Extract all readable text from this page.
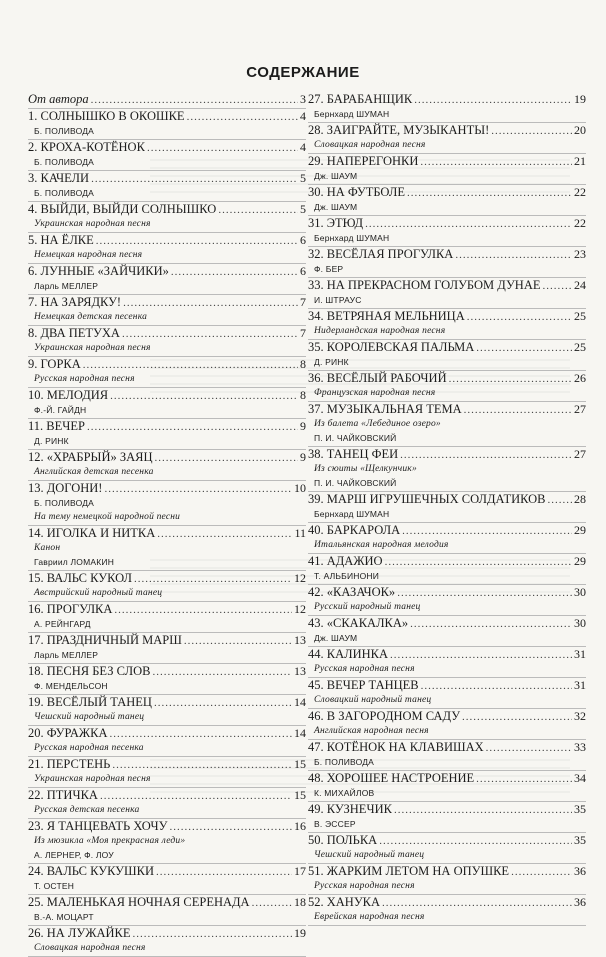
СОДЕРЖАНИЕ
От автора .....	3
1. СОЛНЫШКО В ОКОШКЕ .....	4
Б. ПОЛИВОДА
2. КРОХА-КОТЁНОК .....	4
Б. ПОЛИВОДА
3. КАЧЕЛИ .....	5
Б. ПОЛИВОДА
4. ВЫЙДИ, ВЫЙДИ СОЛНЫШКО .....	5
Украинская народная песня
5. НА ЁЛКЕ .....	6
Немецкая народная песня
6. ЛУННЫЕ «ЗАЙЧИКИ» .....	6
Ларль МЕЛЛЕР
7. НА ЗАРЯДКУ! .....	7
Немецкая детская песенка
8. ДВА ПЕТУХА .....	7
Украинская народная песня
9. ГОРКА .....	8
Русская народная песня
10. МЕЛОДИЯ .....	8
Ф.-Й. ГАЙДН
11. ВЕЧЕР .....	9
Д. РИНК
12. «ХРАБРЫЙ» ЗАЯЦ .....	9
Английская детская песенка
13. ДОГОНИ! .....	10
Б. ПОЛИВОДА
На тему немецкой народной песни
14. ИГОЛКА И НИТКА .....	11
Канон
Гавриил ЛОМАКИН
15. ВАЛЬС КУКОЛ .....	12
Австрийский народный танец
16. ПРОГУЛКА .....	12
А. РЕЙНГАРД
17. ПРАЗДНИЧНЫЙ МАРШ .....	13
Ларль МЕЛЛЕР
18. ПЕСНЯ БЕЗ СЛОВ .....	13
Ф. МЕНДЕЛЬСОН
19. ВЕСЁЛЫЙ ТАНЕЦ .....	14
Чешский народный танец
20. ФУРАЖКА .....	14
Русская народная песенка
21. ПЕРСТЕНЬ .....	15
Украинская народная песня
22. ПТИЧКА .....	15
Русская детская песенка
23. Я ТАНЦЕВАТЬ ХОЧУ .....	16
Из мюзикла «Моя прекрасная леди»
А. ЛЕРНЕР, Ф. ЛОУ
24. ВАЛЬС КУКУШКИ .....	17
Т. ОСТЕН
25. МАЛЕНЬКАЯ НОЧНАЯ СЕРЕНАДА .....	18
В.-А. МОЦАРТ
26. НА ЛУЖАЙКЕ .....	19
Словацкая народная песня
27. БАРАБАНЩИК .....	19
Бернхард ШУМАН
28. ЗАИГРАЙТЕ, МУЗЫКАНТЫ! .....	20
Словацкая народная песня
29. НАПЕРЕГОНКИ .....	21
Дж. ШАУМ
30. НА ФУТБОЛЕ .....	22
Дж. ШАУМ
31. ЭТЮД .....	22
Бернхард ШУМАН
32. ВЕСЁЛАЯ ПРОГУЛКА .....	23
Ф. БЕР
33. НА ПРЕКРАСНОМ ГОЛУБОМ ДУНАЕ .....	24
И. ШТРАУС
34. ВЕТРЯНАЯ МЕЛЬНИЦА .....	25
Нидерландская народная песня
35. КОРОЛЕВСКАЯ ПАЛЬМА .....	25
Д. РИНК
36. ВЕСЁЛЫЙ РАБОЧИЙ .....	26
Французская народная песня
37. МУЗЫКАЛЬНАЯ ТЕМА .....	27
Из балета «Лебединое озеро»
П. И. ЧАЙКОВСКИЙ
38. ТАНЕЦ ФЕИ .....	27
Из сюиты «Щелкунчик»
П. И. ЧАЙКОВСКИЙ
39. МАРШ ИГРУШЕЧНЫХ СОЛДАТИКОВ ..... 28
Бернхард ШУМАН
40. БАРКАРОЛА .....	29
Итальянская народная мелодия
41. АДАЖИО .....	29
Т. АЛЬБИНОНИ
42. «КАЗАЧОК» .....	30
Русский народный танец
43. «СКАКАЛКА» .....	30
Дж. ШАУМ
44. КАЛИНКА .....	31
Русская народная песня
45. ВЕЧЕР ТАНЦЕВ .....	31
Словацкий народный танец
46. В ЗАГОРОДНОМ САДУ .....	32
Английская народная песня
47. КОТЁНОК НА КЛАВИШАХ .....	33
Б. ПОЛИВОДА
48. ХОРОШЕЕ НАСТРОЕНИЕ .....	34
К. МИХАЙЛОВ
49. КУЗНЕЧИК .....	35
В. ЭССЕР
50. ПОЛЬКА .....	35
Чешский народный танец
51. ЖАРКИМ ЛЕТОМ НА ОПУШКЕ .....	36
Русская народная песня
52. ХАНУКА .....	36
Еврейская народная песня
